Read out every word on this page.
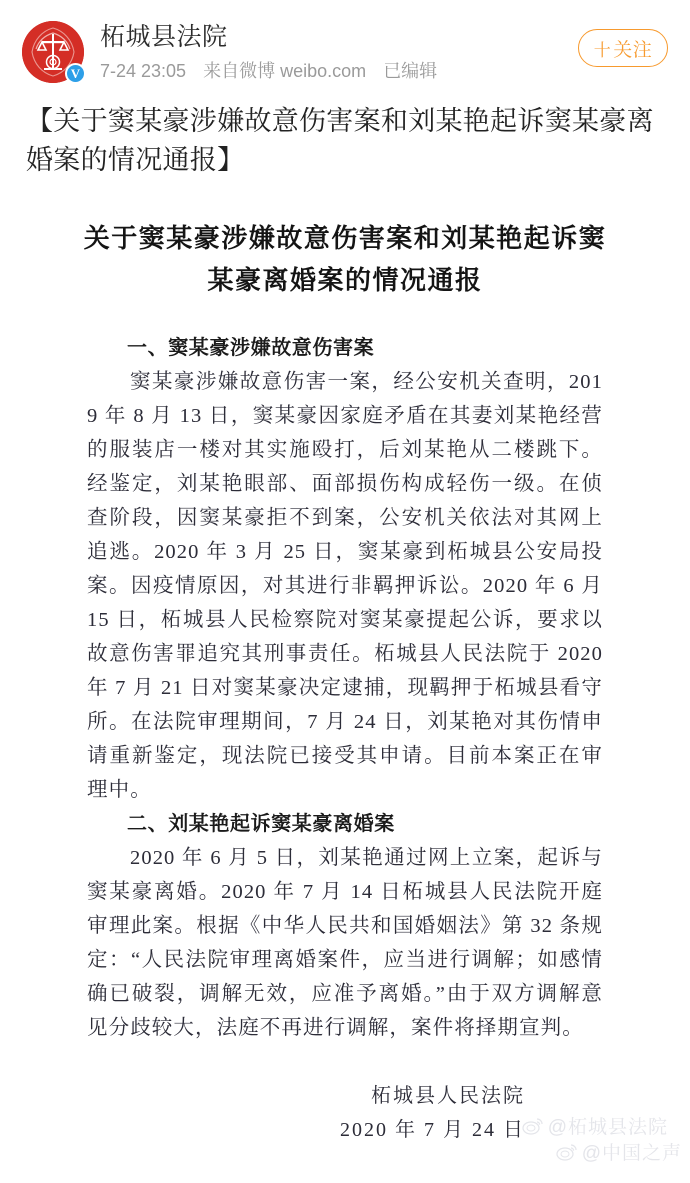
V
柘城县法院
7-24 23:05 来自微博 weibo.com 已编辑
十 关注
【关于窦某豪涉嫌故意伤害案和刘某艳起诉窦某豪离婚案的情况通报】
关于窦某豪涉嫌故意伤害案和刘某艳起诉窦某豪离婚案的情况通报
一、窦某豪涉嫌故意伤害案
窦某豪涉嫌故意伤害一案，经公安机关查明，2019 年 8 月 13 日，窦某豪因家庭矛盾在其妻刘某艳经营的服装店一楼对其实施殴打，后刘某艳从二楼跳下。经鉴定，刘某艳眼部、面部损伤构成轻伤一级。在侦查阶段，因窦某豪拒不到案，公安机关依法对其网上追逃。2020 年 3 月 25 日，窦某豪到柘城县公安局投案。因疫情原因，对其进行非羁押诉讼。2020 年 6 月 15 日，柘城县人民检察院对窦某豪提起公诉，要求以故意伤害罪追究其刑事责任。柘城县人民法院于 2020 年 7 月 21 日对窦某豪决定逮捕，现羁押于柘城县看守所。在法院审理期间，7 月 24 日，刘某艳对其伤情申请重新鉴定，现法院已接受其申请。目前本案正在审理中。
二、刘某艳起诉窦某豪离婚案
2020 年 6 月 5 日，刘某艳通过网上立案，起诉与窦某豪离婚。2020 年 7 月 14 日柘城县人民法院开庭审理此案。根据《中华人民共和国婚姻法》第 32 条规定：“人民法院审理离婚案件，应当进行调解；如感情确已破裂，调解无效，应准予离婚。”由于双方调解意见分歧较大，法庭不再进行调解，案件将择期宣判。
柘城县人民法院
2020 年 7 月 24 日 @柘城县法院
@中国之声
